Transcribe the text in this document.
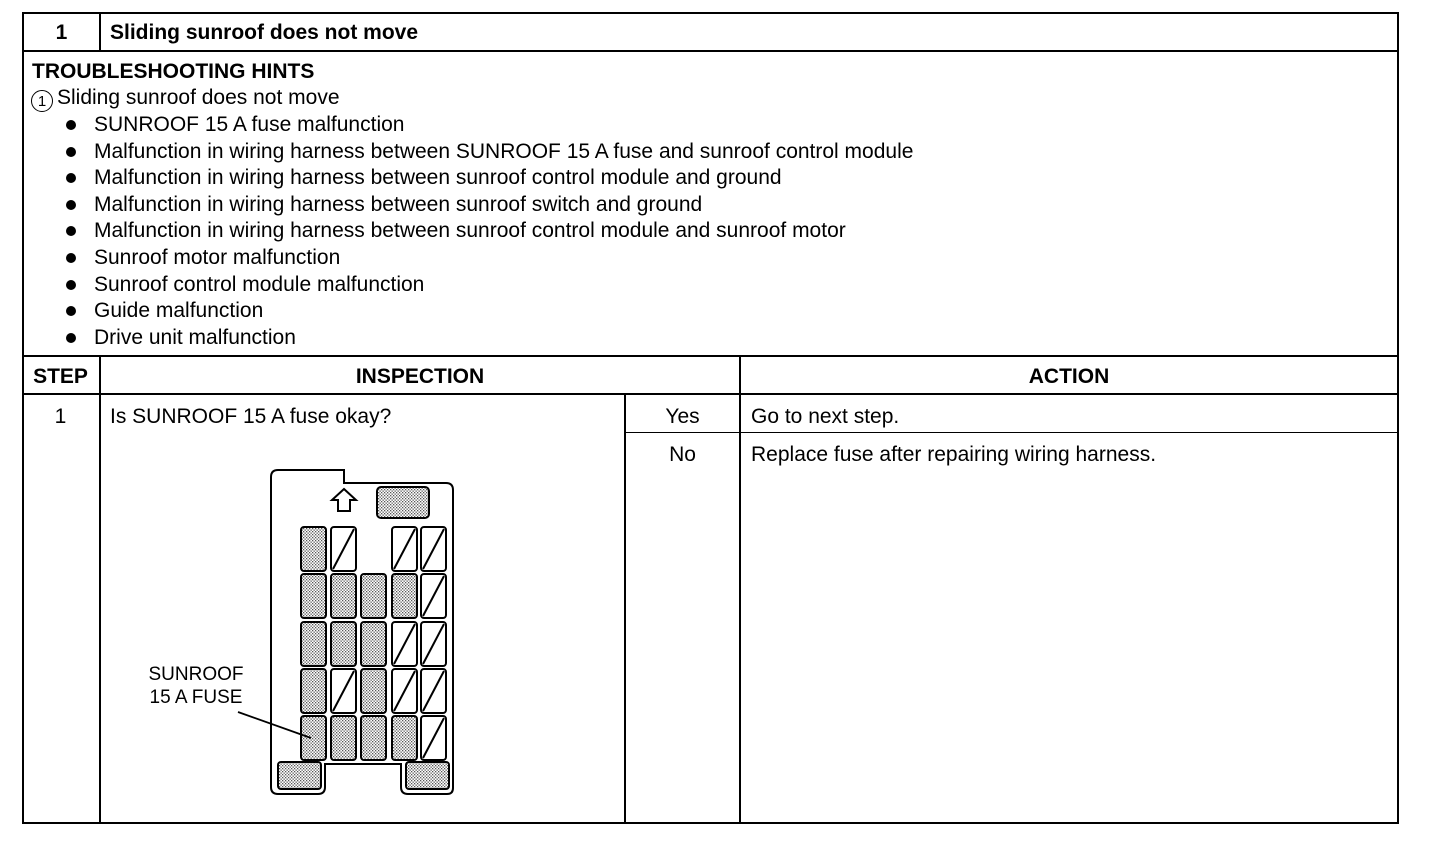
1	Sliding sunroof does not move
TROUBLESHOOTING HINTS
1 Sliding sunroof does not move
SUNROOF 15 A fuse malfunction
Malfunction in wiring harness between SUNROOF 15 A fuse and sunroof control module
Malfunction in wiring harness between sunroof control module and ground
Malfunction in wiring harness between sunroof switch and ground
Malfunction in wiring harness between sunroof control module and sunroof motor
Sunroof motor malfunction
Sunroof control module malfunction
Guide malfunction
Drive unit malfunction
STEP	INSPECTION	ACTION
1	Is SUNROOF 15 A fuse okay?	Yes	Go to next step.
No	Replace fuse after repairing wiring harness.
SUNROOF
15 A FUSE
